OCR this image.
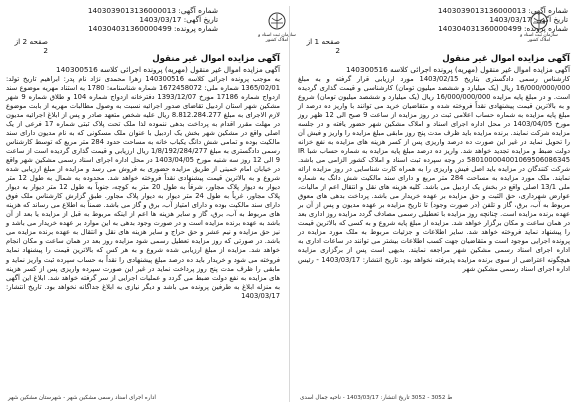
شماره آگهی: 1403039013136000013
تاریخ آگهی: 1403/03/17
شماره پرونده: 140304031360000499
صفحه 2 از 2
سازمان ثبت اسناد و املاک کشور
شماره آگهی: 1403039013136000013
تاریخ آگهی: 1403/03/17
شماره پرونده: 140304031360000499
صفحه 1 از 2
سازمان ثبت اسناد و املاک کشور
آگهی مزایده اموال غیر منقول
آگهی مزایده اموال غیر منقول (مهریه) پرونده اجرائی کلاسه 140300516

به موجب پرونده اجرائی کلاسه 140300516 زهرا محمدی نژاد نام پدر: ابراهیم تاریخ تولد: 1365/02/01 شماره ملی: 1672458072 شماره شناسنامه: 1780 به استناد مهریه موضوع سند ازدواج شماره 17186 مورخ 1393/12/07 دفترخانه ازدواج شماره 104 و طلاق شماره 9 شهر مشکین شهر استان اردبیل تقاضای صدور اجرائیه نسبت به وصول مطالبات مهریه از بابت موضوع لازم الاجرای به مبلغ 8.812.284.277 ریال علیه شخص متعهد صادر و پس از ابلاغ اجرائیه مدیون در مهلت مقرر اقدام به پرداخت بدهی ننموده لذا ملک تحت پلاک ثبتی شماره 17 فرعی از یک اصلی واقع در مشکین شهر بخش یک اردبیل با عنوان ملک مسکونی که به نام مدیون دارای سند مالکیت بوده و تمامی شش دانگ یکباب خانه به مساحت حدود 284 متر مربع که توسط کارشناس رسمی دادگستری به مبلغ 1/8/192/284/277 ریال ارزیابی و قیمت گذاری گردیده است از ساعت 9 الی 12 روز سه شنبه مورخ 1403/04/05 در محل اداره اجرای اسناد رسمی مشکین شهر واقع در خیابان امام خمینی از طریق مزایده حضوری به فروش می رسد و مزایده از مبلغ ارزیابی شده شروع و به بالاترین قیمت پیشنهادی نقداً فروخته خواهد شد. محدوده به شمال به طول 12 متر دیوار به دیوار پلاک مجاور، شرقاً به طول 20 متر به کوچه، جنوباً به طول 12 متر دیوار به دیوار پلاک مجاور، غرباً به طول 24 متر دیوار به دیوار پلاک مجاور. طبق گزارش کارشناس ملک فوق دارای سند مالکیت بوده و دارای امتیاز آب، برق و گاز می باشد. ضمناً به اطلاع می رساند که هزینه های مربوط به آب، برق، گاز و سایر هزینه ها اعم از اینکه مربوط به قبل از مزایده یا بعد از آن باشد به عهده برنده مزایده است و در صورت وجود بدهی به این موارد بر عهده خریدار می باشد و نیز حق مزایده و نیم عشر و حق حراج و سایر هزینه های نقل و انتقال به عهده برنده مزایده می باشد. در صورتی که روز مزایده تعطیل رسمی شود مزایده روز بعد در همان ساعت و مکان انجام خواهد شد. مزایده از مبلغ ارزیابی شده شروع و به هر کس که بالاترین قیمت را پیشنهاد نماید فروخته می شود و خریدار باید ده درصد مبلغ پیشنهادی را نقداً به حساب سپرده ثبت واریز نماید و مابقی را ظرف مدت پنج روز پرداخت نماید در غیر این صورت سپرده واریزی پس از کسر هزینه های مزایده به نفع دولت ضبط می گردد و عملیات اجرایی از سر گرفته خواهد شد. ابلاغ این آگهی به منزله ابلاغ به طرفین پرونده می باشد و دیگر نیازی به ابلاغ جداگانه نخواهد بود. تاریخ انتشار: 1403/03/17

آگهی مزایده اموال غیر منقول
آگهی مزایده اموال غیر منقول (مهریه) پرونده اجرائی کلاسه 140300516

کارشناس رسمی دادگستری بتاریخ 1403/02/15 مورد ارزیابی قرار گرفته و به مبلغ 16/000/000/000 ریال (یک میلیارد و ششصد میلیون تومان) کارشناسی و قیمت گذاری گردیده است. و در مبلغ پایه مزایده 16/000/000/000 ریال (یک میلیارد و ششصد میلیون تومان) شروع و به بالاترین قیمت پیشنهادی نقداً فروخته شده و متقاضیان خرید می توانند با واریز ده درصد از مبلغ پایه مزایده به شماره حساب اعلامی ثبت در روز مزایده از ساعت 9 صبح الی 12 ظهر روز مورخ 1403/04/05 در محل اداره اجرای اسناد و املاک مشکین شهر حضور یافته و در جلسه مزایده شرکت نمایند. برنده مزایده باید ظرف مدت پنج روز مابقی مبلغ مزایده را واریز و فیش آن را تحویل نماید در غیر این صورت ده درصد واریزی پس از کسر هزینه های مزایده به نفع خزانه دولت ضبط و مزایده تجدید خواهد شد. واریز ده درصد مبلغ پایه مزایده به شماره حساب شبا IR 580100004001069506086345 در وجه سپرده ثبت اسناد و املاک کشور الزامی می باشد. شرکت کنندگان در مزایده باید اصل فیش واریزی را به همراه کارت شناسایی در روز مزایده ارائه نمایند. ملک مورد مزایده به مساحت 284 متر مربع و دارای سند مالکیت شش دانگ به شماره ملی 13/1 اصلی واقع در بخش یک اردبیل می باشد. کلیه هزینه های نقل و انتقال اعم از مالیات، عوارض شهرداری، حق الثبت و حق مزایده بر عهده خریدار می باشد. پرداخت بدهی های معوق مربوط به آب، برق، گاز و تلفن (در صورت وجود) تا تاریخ مزایده بر عهده مدیون و پس از آن بر عهده برنده مزایده است. چنانچه روز مزایده با تعطیلی رسمی مصادف گردد مزایده روز اداری بعد در همان ساعت و مکان برگزار خواهد شد. مزایده از مبلغ پایه شروع و به کسی که بالاترین قیمت را پیشنهاد نماید فروخته خواهد شد. سایر اطلاعات و جزئیات مربوط به ملک مورد مزایده در پرونده اجرایی موجود است و متقاضیان جهت کسب اطلاعات بیشتر می توانند در ساعات اداری به اداره اجرای اسناد رسمی مشکین شهر مراجعه نمایند. بدیهی است پس از برگزاری مزایده هیچگونه اعتراضی از سوی برنده مزایده پذیرفته نخواهد بود. تاریخ انتشار: 1403/03/17 - رئیس اداره اجرای اسناد رسمی مشکین شهر

اداره اجرای اسناد رسمی مشکین شهر - شهرستان مشکین شهر	ط 3052 - 3052 تاریخ انتشار: 1403/03/17 - ناحیه جمال اسدی
